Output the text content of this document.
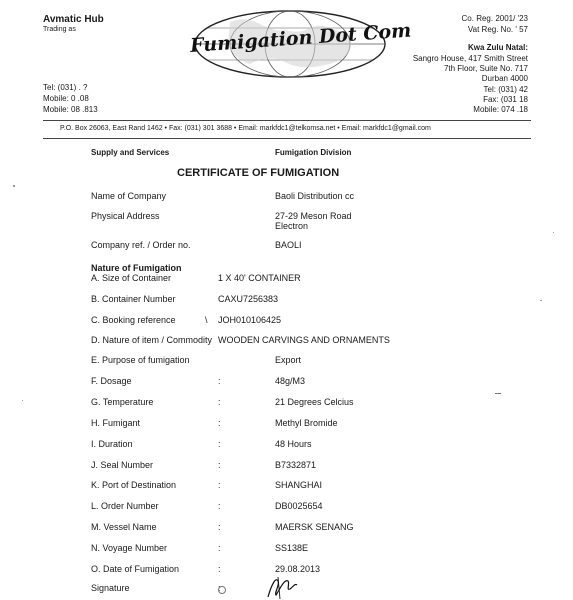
Avmatic Hub
Trading as	Fumigation Dot Com
Co. Reg. 2001/ '23
Vat Reg. No. ' 57
Kwa Zulu Natal:
Sangro House, 417 Smith Street
7th Floor, Suite No. 717
Durban 4000
Tel: (031) 42
Fax: (031 18
Mobile: 074 .18
Tel: (031) . ?
Mobile: 0 .08
Mobile: 08 .813
P.O. Box 26063, East Rand 1462 • Fax: (031) 301 3688 • Email: markfdc1@telkomsa.net • Email: markfdc1@gmail.com
Supply and Services	Fumigation Division
CERTIFICATE OF FUMIGATION
Name of Company	Baoli Distribution cc
Physical Address	27-29 Meson Road
Electron
Company ref. / Order no.	BAOLI
Nature of Fumigation
A. Size of Container	1 X 40' CONTAINER
B. Container Number	CAXU7256383
C. Booking reference	\ JOH010106425
D. Nature of item / Commodity WOODEN CARVINGS AND ORNAMENTS
E. Purpose of fumigation	Export
F. Dosage	:	48g/M3
G. Temperature	:	21 Degrees Celcius
H. Fumigant	:	Methyl Bromide
I. Duration	:	48 Hours
J. Seal Number	:	B7332871
K. Port of Destination	:	SHANGHAI
L. Order Number	:	DB0025654
M. Vessel Name	:	MAERSK SENANG
N. Voyage Number	:	SS138E
O. Date of Fumigation	:	29.08.2013
Signature	:
